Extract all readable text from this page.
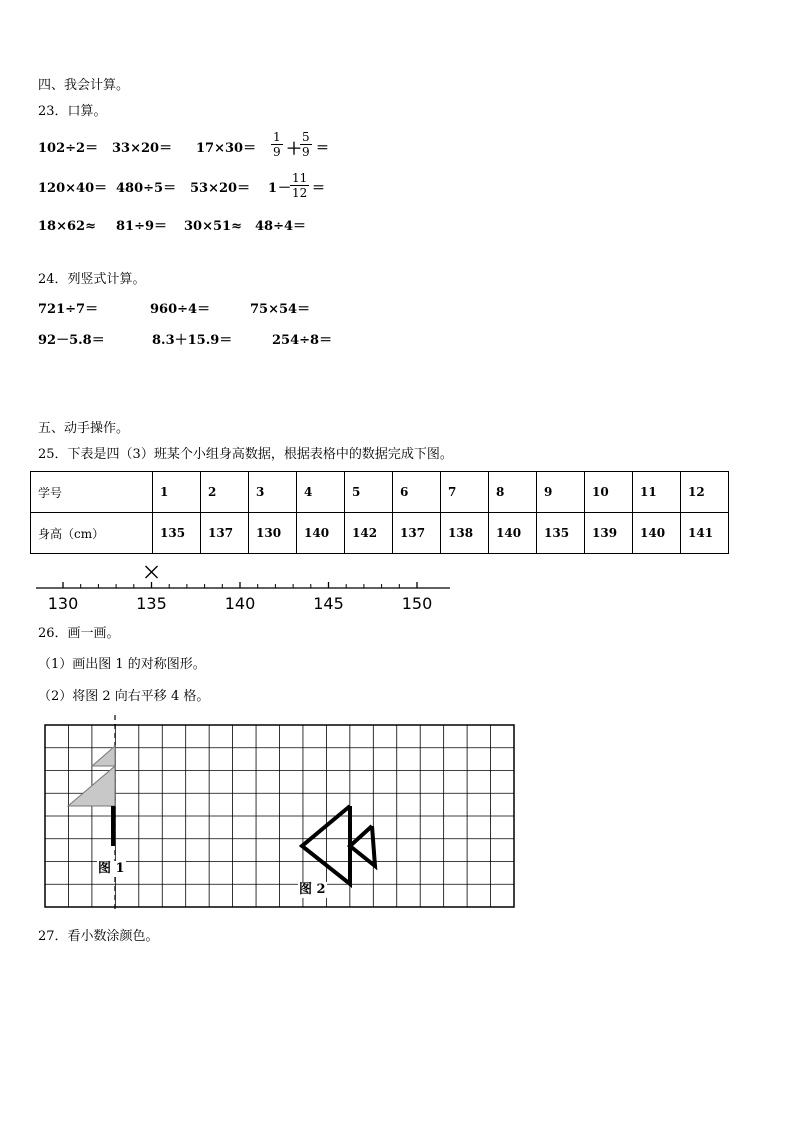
四、我会计算。
23．口算。
$102\div 2= 33\times 20= 17\times 30= \frac{1}{9}$ ＋
$\frac{5}{9}$ ＝
120×40＝ 480÷5＝ 53×20＝ 1 －
$\frac{11}{12}$ ＝
18×62≈ 81÷9＝ 30×51≈ 48÷4＝
24．列竖式计算。
721÷7＝	960÷4＝	75×54＝
92－5.8＝	8.3＋15.9＝	254÷8＝
五、动手操作。
25．下表是四（3）班某个小组身高数据，根据表格中的数据完成下图。
学号	1	2	3	4	5	6	7	8	9	10	11	12
身高（cm）	135	137	130	140	142	137	138	140	135	139	140	141
130	135	140	145	150
26．画一画。
（1）画出图 1 的对称图形。
（2）将图 2 向右平移 4 格。
图 1
图 2
27．看小数涂颜色。
